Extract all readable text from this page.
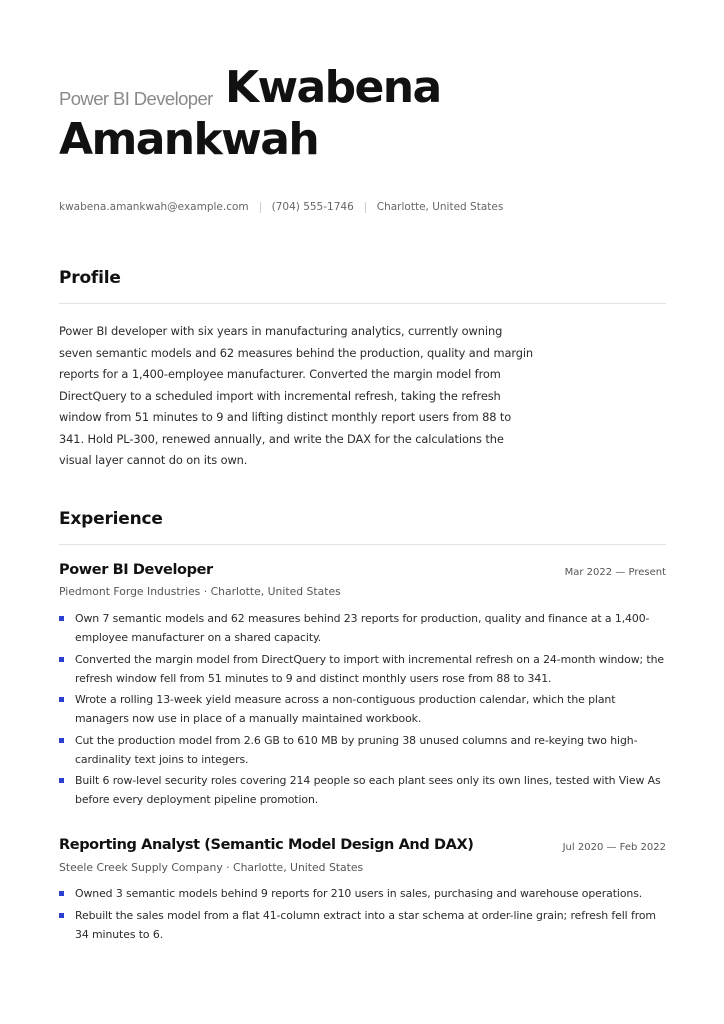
Power BI Developer Kwabena
Amankwah
kwabena.amankwah@example.com (704) 555-1746 Charlotte, United States
Profile
Power BI developer with six years in manufacturing analytics, currently owning seven semantic models and 62 measures behind the production, quality and margin reports for a 1,400-employee manufacturer. Converted the margin model from DirectQuery to a scheduled import with incremental refresh, taking the refresh window from 51 minutes to 9 and lifting distinct monthly report users from 88 to 341. Hold PL-300, renewed annually, and write the DAX for the calculations the visual layer cannot do on its own.
Experience
Power BI Developer	Mar 2022 — Present
Piedmont Forge Industries · Charlotte, United States
Own 7 semantic models and 62 measures behind 23 reports for production, quality and finance at a 1,400-employee manufacturer on a shared capacity.
Converted the margin model from DirectQuery to import with incremental refresh on a 24-month window; the refresh window fell from 51 minutes to 9 and distinct monthly users rose from 88 to 341.
Wrote a rolling 13-week yield measure across a non-contiguous production calendar, which the plant managers now use in place of a manually maintained workbook.
Cut the production model from 2.6 GB to 610 MB by pruning 38 unused columns and re-keying two high-cardinality text joins to integers.
Built 6 row-level security roles covering 214 people so each plant sees only its own lines, tested with View As before every deployment pipeline promotion.
Reporting Analyst (Semantic Model Design And DAX)	Jul 2020 — Feb 2022
Steele Creek Supply Company · Charlotte, United States
Owned 3 semantic models behind 9 reports for 210 users in sales, purchasing and warehouse operations.
Rebuilt the sales model from a flat 41-column extract into a star schema at order-line grain; refresh fell from 34 minutes to 6.
